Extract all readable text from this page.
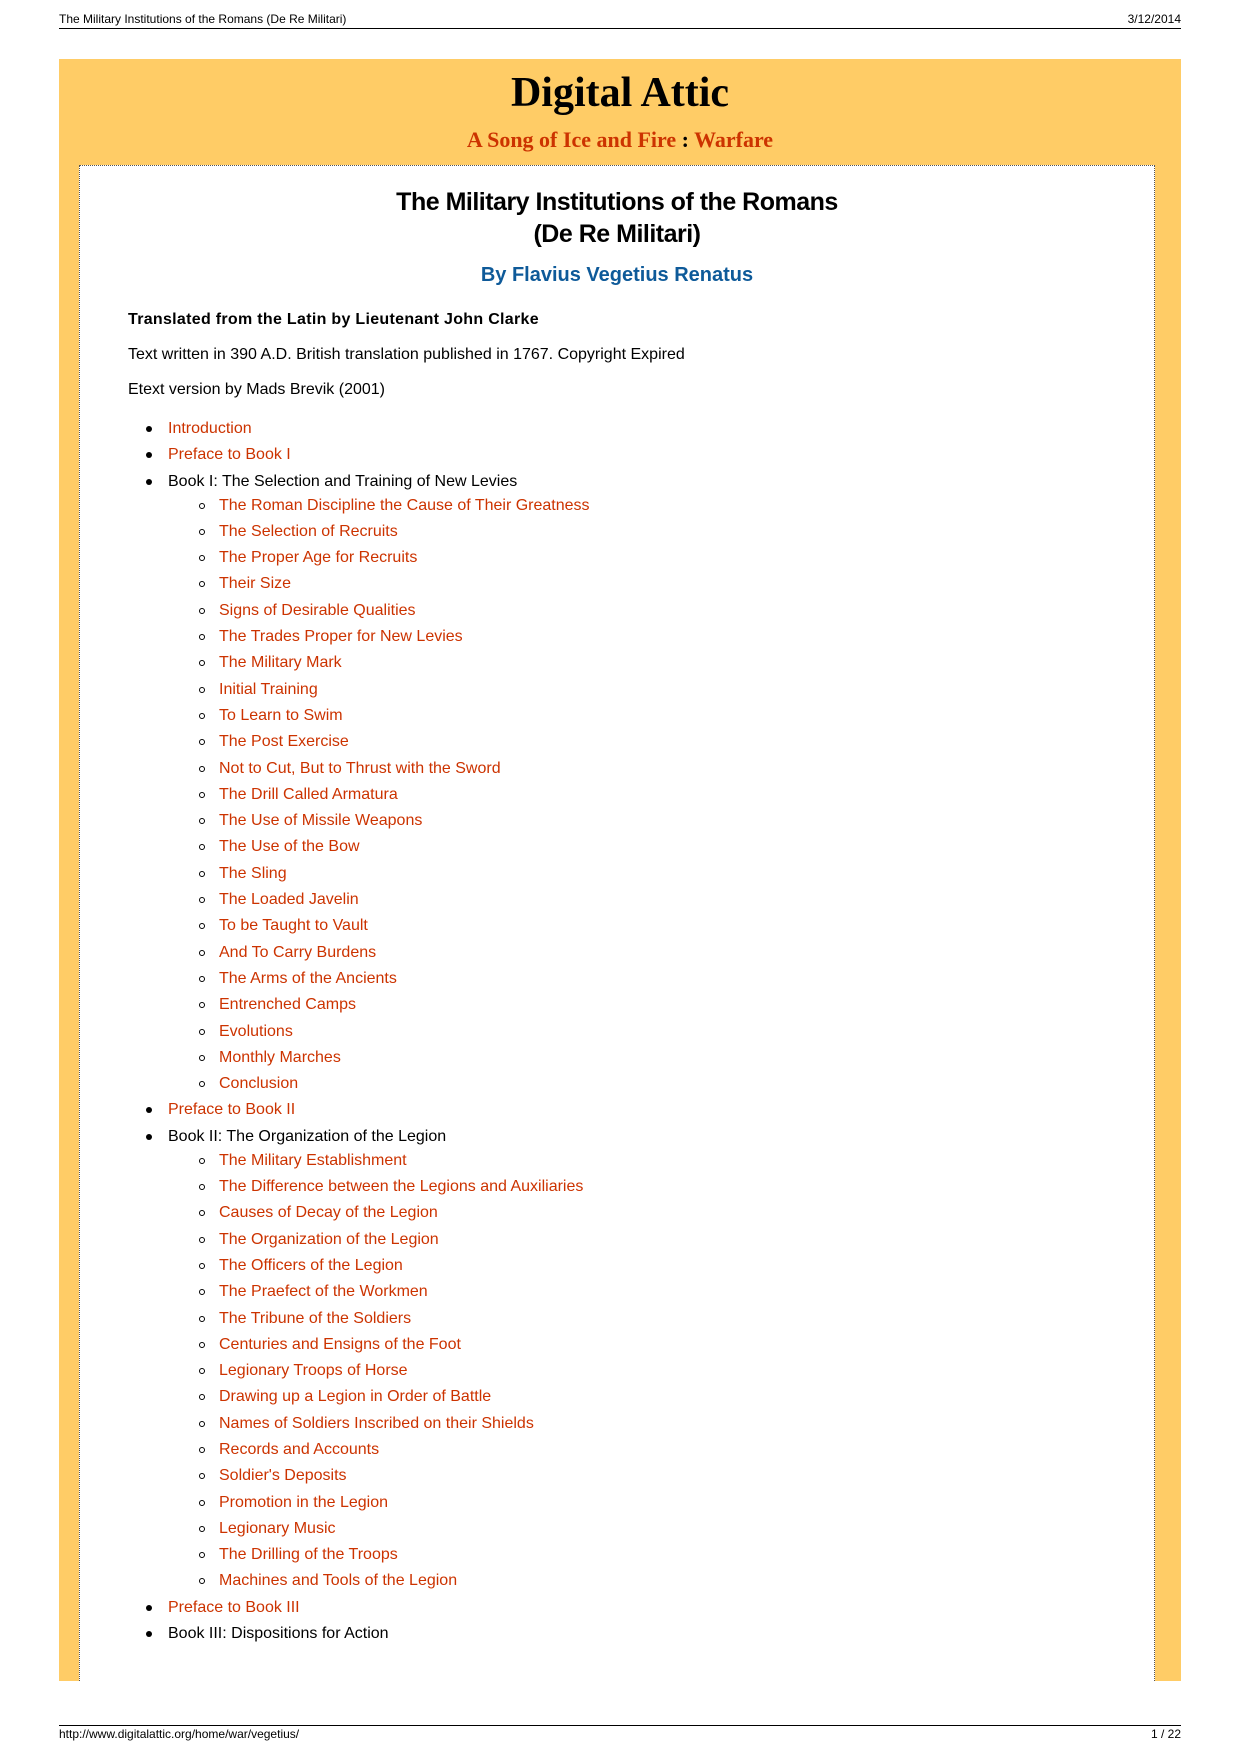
The Military Institutions of the Romans (De Re Militari)	3/12/2014
Digital Attic
A Song of Ice and Fire : Warfare
The Military Institutions of the Romans
(De Re Militari)
By Flavius Vegetius Renatus
Translated from the Latin by Lieutenant John Clarke
Text written in 390 A.D. British translation published in 1767. Copyright Expired
Etext version by Mads Brevik (2001)
Introduction
Preface to Book I
Book I: The Selection and Training of New Levies
The Roman Discipline the Cause of Their Greatness
The Selection of Recruits
The Proper Age for Recruits
Their Size
Signs of Desirable Qualities
The Trades Proper for New Levies
The Military Mark
Initial Training
To Learn to Swim
The Post Exercise
Not to Cut, But to Thrust with the Sword
The Drill Called Armatura
The Use of Missile Weapons
The Use of the Bow
The Sling
The Loaded Javelin
To be Taught to Vault
And To Carry Burdens
The Arms of the Ancients
Entrenched Camps
Evolutions
Monthly Marches
Conclusion
Preface to Book II
Book II: The Organization of the Legion
The Military Establishment
The Difference between the Legions and Auxiliaries
Causes of Decay of the Legion
The Organization of the Legion
The Officers of the Legion
The Praefect of the Workmen
The Tribune of the Soldiers
Centuries and Ensigns of the Foot
Legionary Troops of Horse
Drawing up a Legion in Order of Battle
Names of Soldiers Inscribed on their Shields
Records and Accounts
Soldier's Deposits
Promotion in the Legion
Legionary Music
The Drilling of the Troops
Machines and Tools of the Legion
Preface to Book III
Book III: Dispositions for Action
http://www.digitalattic.org/home/war/vegetius/	1 / 22
